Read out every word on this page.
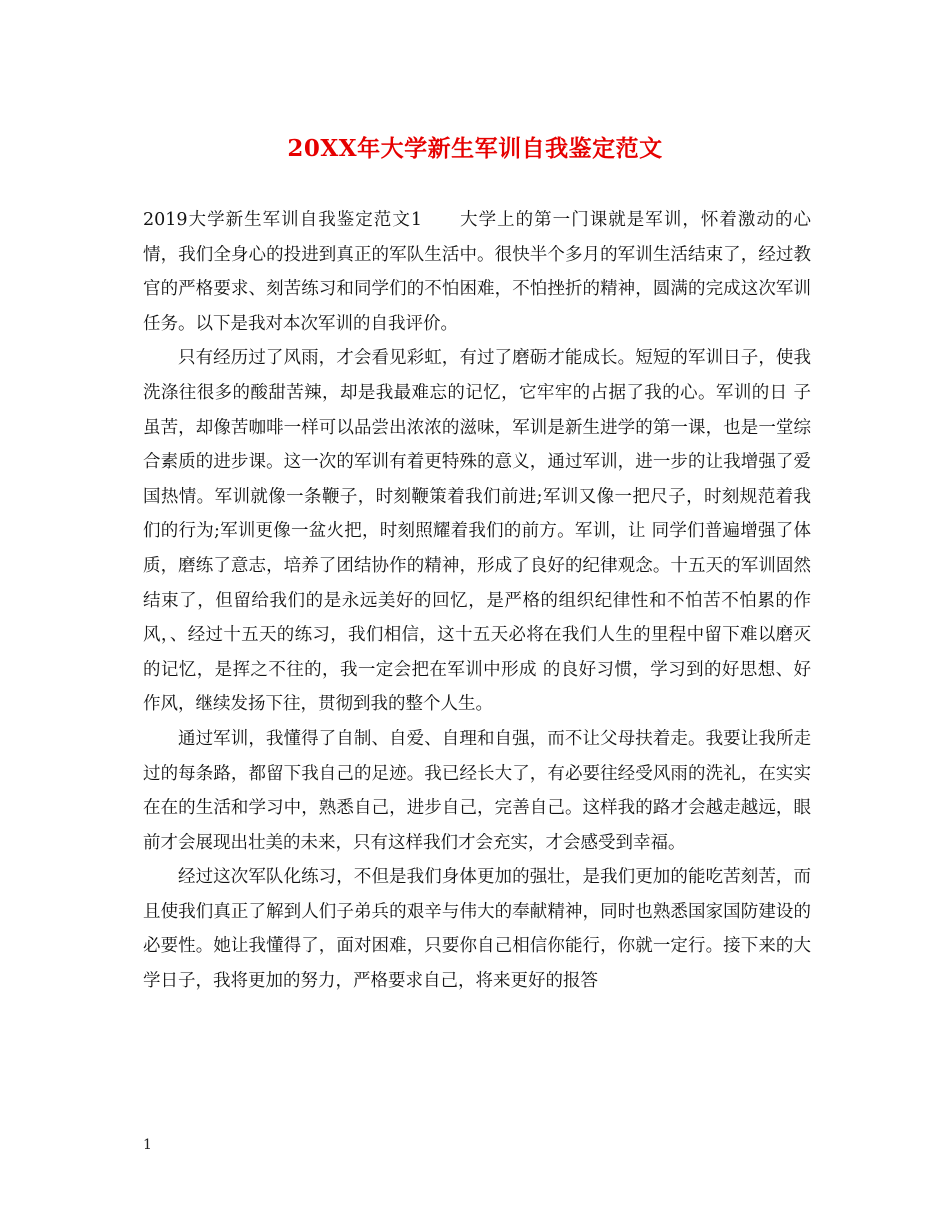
20XX年大学新生军训自我鉴定范文

2019大学新生军训自我鉴定范文1　　大学上的第一门课就是军训，怀着激动的心情，我们全身心的投进到真正的军队生活中。很快半个多月的军训生活结束了，经过教官的严格要求、刻苦练习和同学们的不怕困难，不怕挫折的精神，圆满的完成这次军训任务。以下是我对本次军训的自我评价。

只有经历过了风雨，才会看见彩虹，有过了磨砺才能成长。短短的军训日子，使我洗涤往很多的酸甜苦辣，却是我最难忘的记忆，它牢牢的占据了我的心。军训的日 子虽苦，却像苦咖啡一样可以品尝出浓浓的滋味，军训是新生进学的第一课，也是一堂综合素质的进步课。这一次的军训有着更特殊的意义，通过军训，进一步的让我增强了爱国热情。军训就像一条鞭子，时刻鞭策着我们前进;军训又像一把尺子，时刻规范着我们的行为;军训更像一盆火把，时刻照耀着我们的前方。军训，让 同学们普遍增强了体质，磨练了意志，培养了团结协作的精神，形成了良好的纪律观念。十五天的军训固然结束了，但留给我们的是永远美好的回忆，是严格的组织纪律性和不怕苦不怕累的作风，、经过十五天的练习，我们相信，这十五天必将在我们人生的里程中留下难以磨灭的记忆，是挥之不往的，我一定会把在军训中形成 的良好习惯，学习到的好思想、好作风，继续发扬下往，贯彻到我的整个人生。

通过军训，我懂得了自制、自爱、自理和自强，而不让父母扶着走。我要让我所走过的每条路，都留下我自己的足迹。我已经长大了，有必要往经受风雨的洗礼，在实实在在的生活和学习中，熟悉自己，进步自己，完善自己。这样我的路才会越走越远，眼前才会展现出壮美的未来，只有这样我们才会充实，才会感受到幸福。

经过这次军队化练习，不但是我们身体更加的强壮，是我们更加的能吃苦刻苦，而且使我们真正了解到人们子弟兵的艰辛与伟大的奉献精神，同时也熟悉国家国防建设的必要性。她让我懂得了，面对困难，只要你自己相信你能行，你就一定行。接下来的大学日子，我将更加的努力，严格要求自己，将来更好的报答

1
